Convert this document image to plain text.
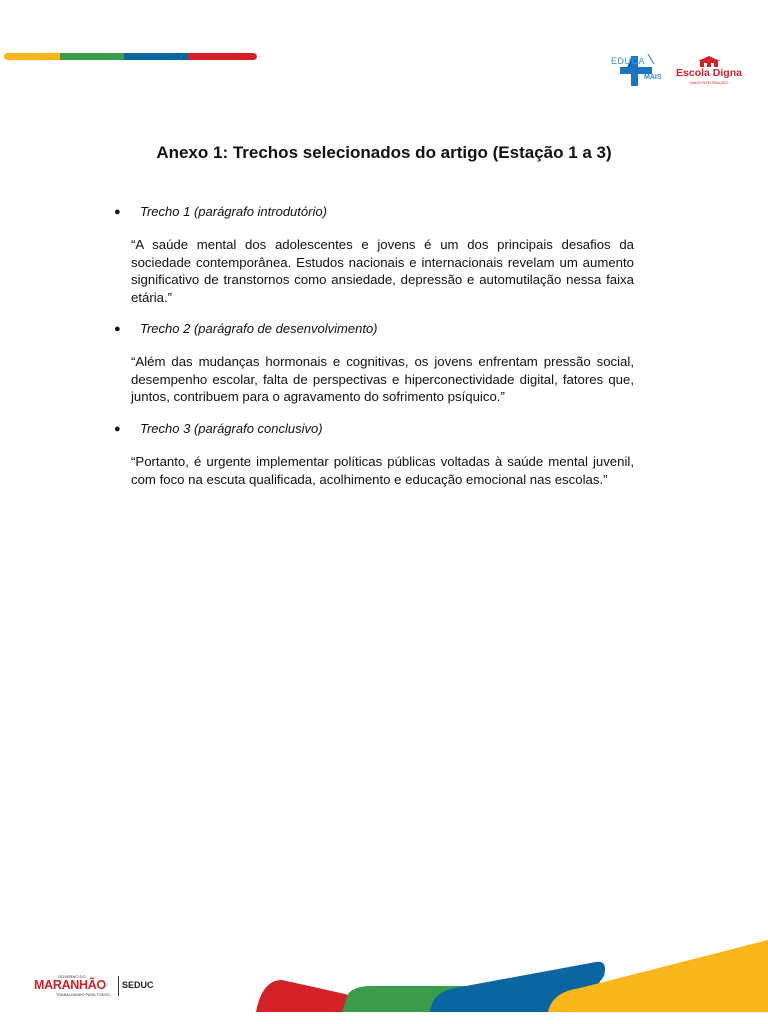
EDUCA
MAIS Escola Digna
MAIS INTEGRAÇÃO
Anexo 1: Trechos selecionados do artigo (Estação 1 a 3)
●	Trecho 1 (parágrafo introdutório)

“A saúde mental dos adolescentes e jovens é um dos principais desafios da sociedade contemporânea. Estudos nacionais e internacionais revelam um aumento significativo de transtornos como ansiedade, depressão e automutilação nessa faixa etária.”

●	Trecho 2 (parágrafo de desenvolvimento)

“Além das mudanças hormonais e cognitivas, os jovens enfrentam pressão social, desempenho escolar, falta de perspectivas e hiperconectividade digital, fatores que, juntos, contribuem para o agravamento do sofrimento psíquico.”

●	Trecho 3 (parágrafo conclusivo)

“Portanto, é urgente implementar políticas públicas voltadas à saúde mental juvenil, com foco na escuta qualificada, acolhimento e educação emocional nas escolas.”

GOVERNO DO
MARANHÃO
TRABALHANDO PARA TODOS
SEDUC
